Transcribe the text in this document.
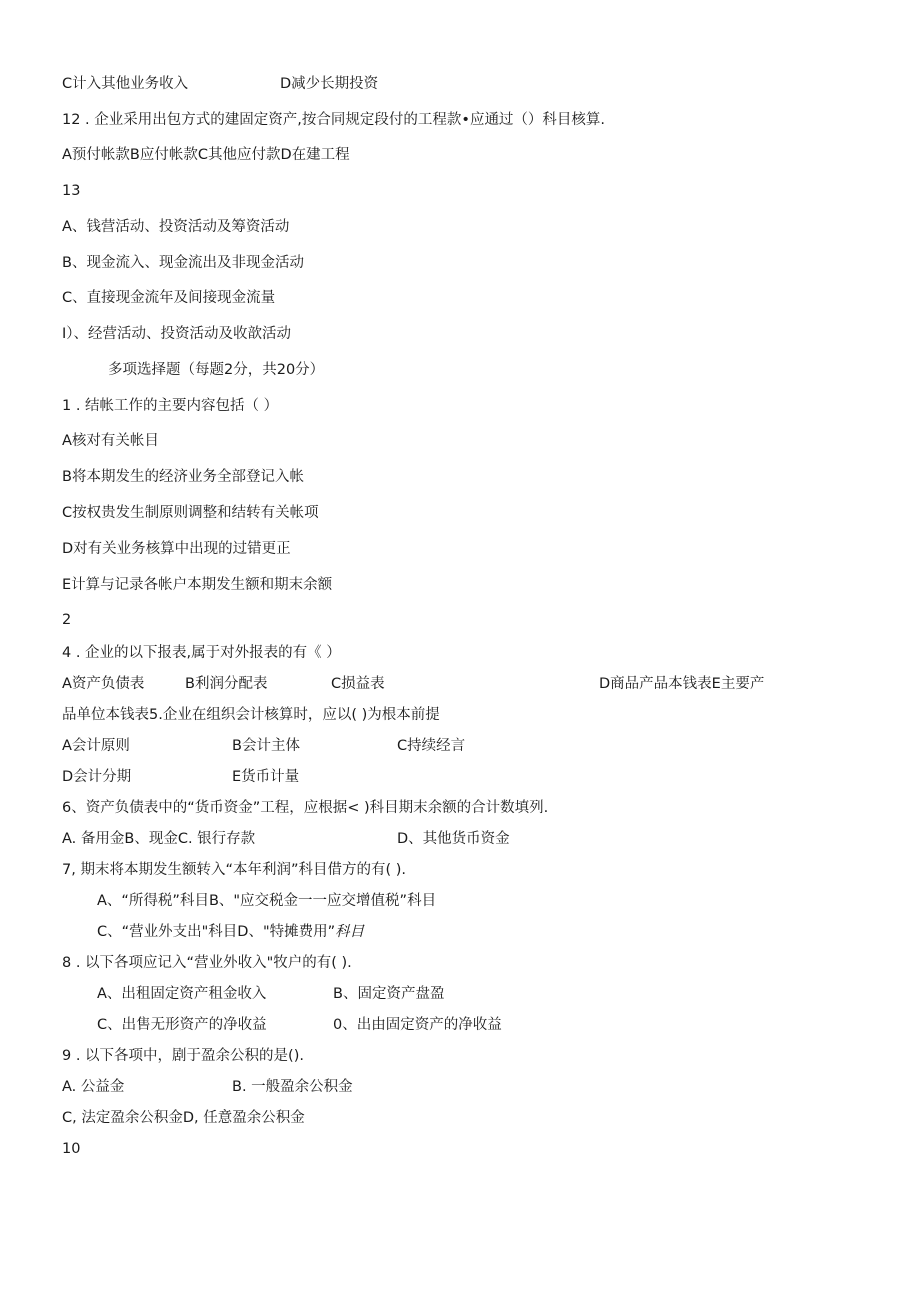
C计入其他业务收入	D减少长期投资
12 . 企业采用出包方式的建固定资产,按合同规定段付的工程款•应通过（）科目核算.
A预付帐款B应付帐款C其他应付款D在建工程
13
A、钱营活动、投资活动及筹资活动
B、现金流入、现金流出及非现金活动
C、直接现金流年及间接现金流量
I）、经营活动、投资活动及收歆活动
多项选择题（每题2分，共20分）
1 . 结帐工作的主要内容包括（ ）
A核对有关帐目
B将本期发生的经济业务全部登记入帐
C按权贵发生制原则调整和结转有关帐项
D对有关业务核算中出现的过错更正
E计算与记录各帐户本期发生额和期末余额
2
4 . 企业的以下报表,属于对外报表的有《 ）
A资产负债表	B利润分配表	C损益表	D商品产品本钱表E主要产
品单位本钱表5.企业在组织会计核算时，应以( )为根本前提
A会计原则	B会计主体	C持续经言
D会计分期	E货币计量
6、资产负债表中的“货币资金”工程，应根据< )科目期末余额的合计数填列.
A. 备用金B、现金C. 银行存款	D、其他货币资金
7, 期末将本期发生额转入“本年利润”科目借方的有( ).
A、“所得税”科目B、"应交税金一一应交增值税”科目
C、“营业外支出"科目D、"特摊费用”科目
8 . 以下各项应记入“营业外收入"牧户的有( ).
A、出租固定资产租金收入	B、固定资产盘盈
C、出售无形资产的净收益	0、出由固定资产的净收益
9 . 以下各项中，剧于盈余公积的是().
A. 公益金	B. 一般盈余公积金
C, 法定盈余公积金D, 任意盈余公积金
10
